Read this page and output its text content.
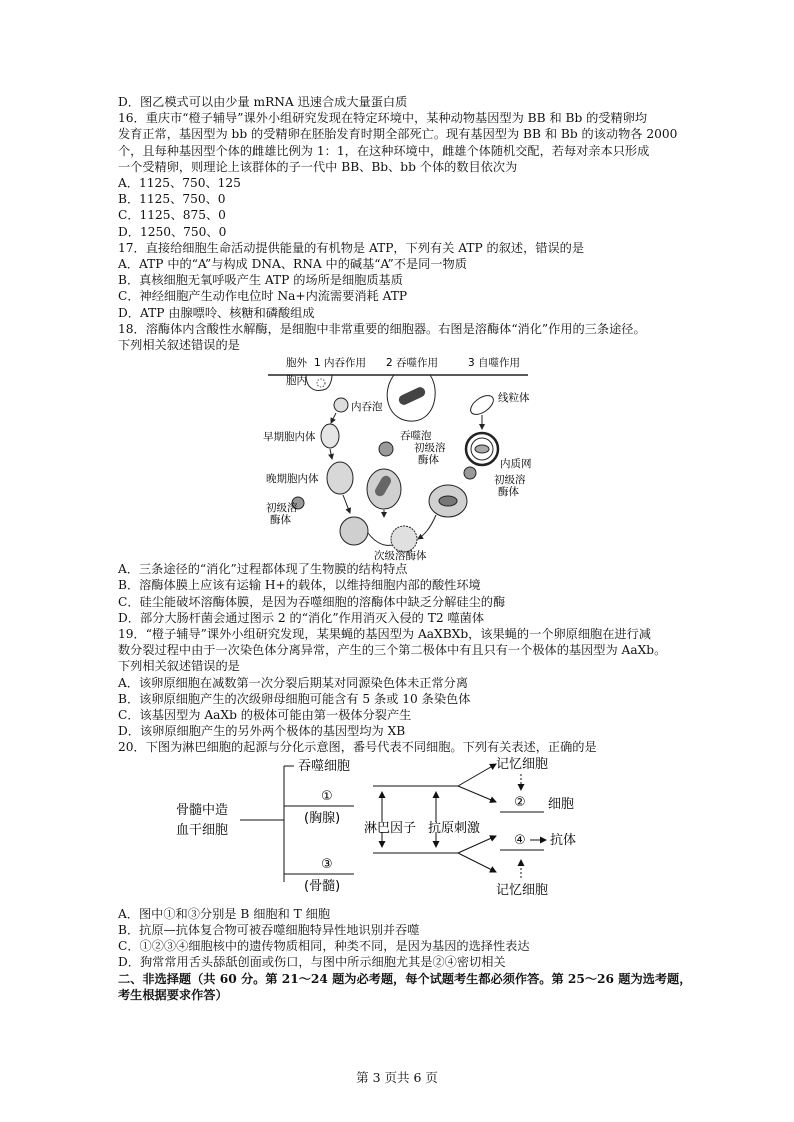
D．图乙模式可以由少量 mRNA 迅速合成大量蛋白质
16．重庆市“橙子辅导”课外小组研究发现在特定环境中，某种动物基因型为 BB 和 Bb 的受精卵均
发育正常，基因型为 bb 的受精卵在胚胎发育时期全部死亡。现有基因型为 BB 和 Bb 的该动物各 2000
个，且每种基因型个体的雌雄比例为 1：1，在这种环境中，雌雄个体随机交配，若每对亲本只形成
一个受精卵，则理论上该群体的子一代中 BB、Bb、bb 个体的数目依次为
A．1125、750、125
B．1125、750、0
C．1125、875、0
D．1250、750、0
17．直接给细胞生命活动提供能量的有机物是 ATP，下列有关 ATP 的叙述，错误的是
A．ATP 中的“A”与构成 DNA、RNA 中的碱基“A”不是同一物质
B．真核细胞无氧呼吸产生 ATP 的场所是细胞质基质
C．神经细胞产生动作电位时 Na+内流需要消耗 ATP
D．ATP 由腺嘌呤、核糖和磷酸组成
18．溶酶体内含酸性水解酶，是细胞中非常重要的细胞器。右图是溶酶体“消化”作用的三条途径。
下列相关叙述错误的是
胞外
胞内
1 内吞作用 2 吞噬作用	3 自噬作用
内吞泡
早期胞内体
晚期胞内体
初级溶
酶体
吞噬泡
初级溶
酶体
线粒体
内质网
初级溶
酶体
次级溶酶体
A．三条途径的“消化”过程都体现了生物膜的结构特点
B．溶酶体膜上应该有运输 H+的载体，以维持细胞内部的酸性环境
C．硅尘能破坏溶酶体膜，是因为吞噬细胞的溶酶体中缺乏分解硅尘的酶
D．部分大肠杆菌会通过图示 2 的“消化”作用消灭入侵的 T2 噬菌体
19．“橙子辅导”课外小组研究发现，某果蝇的基因型为 AaXBXb，该果蝇的一个卵原细胞在进行减
数分裂过程中由于一次染色体分离异常，产生的三个第二极体中有且只有一个极体的基因型为 AaXb。
下列相关叙述错误的是
A．该卵原细胞在减数第一次分裂后期某对同源染色体未正常分离
B．该卵原细胞产生的次级卵母细胞可能含有 5 条或 10 条染色体
C．该基因型为 AaXb 的极体可能由第一极体分裂产生
D．该卵原细胞产生的另外两个极体的基因型均为 XB
20．下图为淋巴细胞的起源与分化示意图，番号代表不同细胞。下列有关表述，正确的是
骨髓中造
血干细胞
吞噬细胞
①
(胸腺)
③
(骨髓)
淋巴因子 抗原刺激
记忆细胞
② 细胞
④ 抗体
记忆细胞
A．图中①和③分别是 B 细胞和 T 细胞
B．抗原—抗体复合物可被吞噬细胞特异性地识别并吞噬
C．①②③④细胞核中的遗传物质相同，种类不同，是因为基因的选择性表达
D．狗常常用舌头舔舐创面或伤口，与图中所示细胞尤其是②④密切相关
二、非选择题（共 60 分。第 21～24 题为必考题，每个试题考生都必须作答。第 25～26 题为选考题，
考生根据要求作答）
第 3 页共 6 页
